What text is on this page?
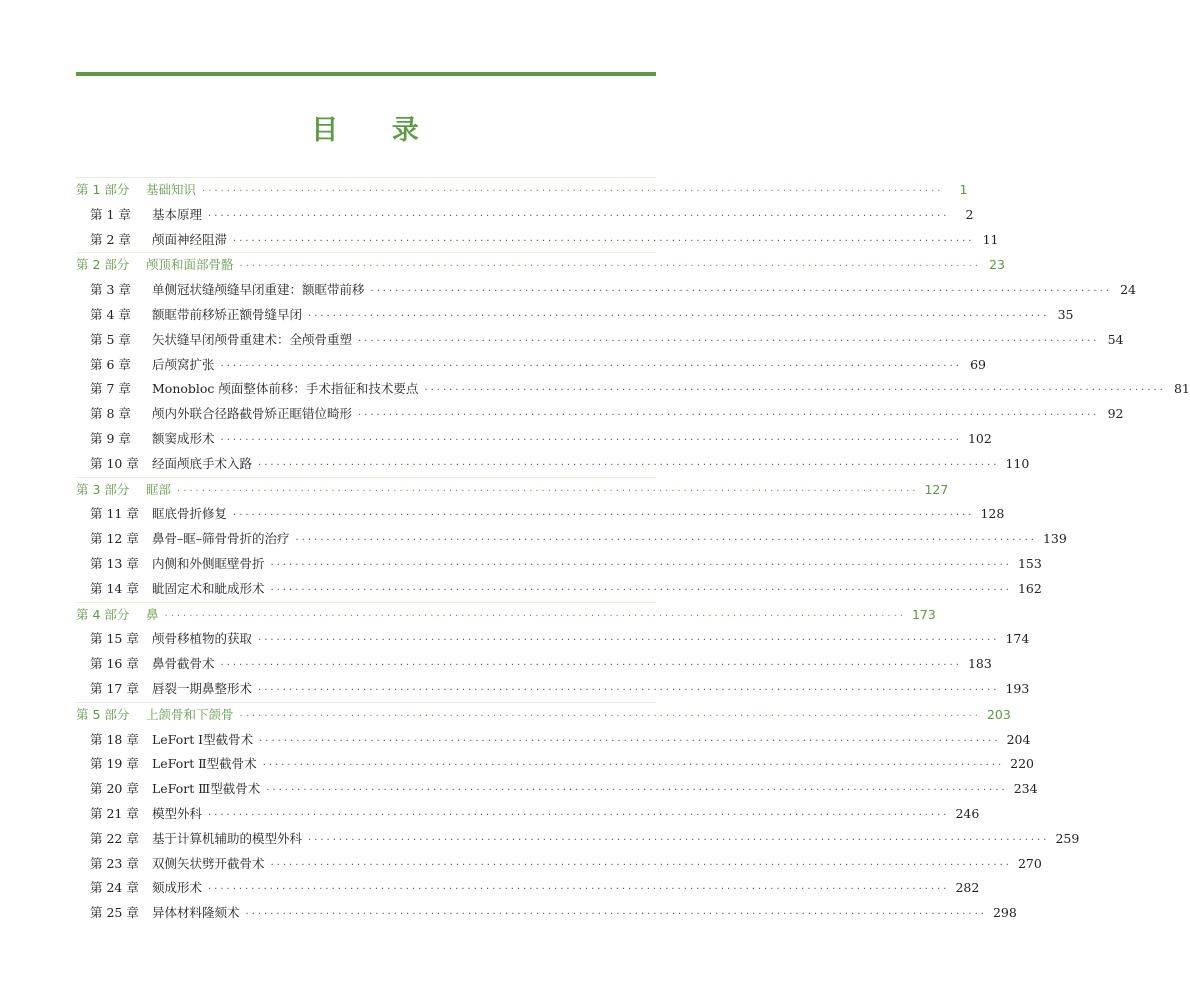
目 录
第 1 部分	基础知识 ························································································································	1
第 1 章	基本原理 ························································································································	2
第 2 章	颅面神经阻滞 ························································································································ 11
第 2 部分	颅顶和面部骨骼 ························································································································ 23
第 3 章	单侧冠状缝颅缝早闭重建：额眶带前移 ························································································································ 24
第 4 章	额眶带前移矫正额骨缝早闭 ························································································································ 35
第 5 章	矢状缝早闭颅骨重建术：全颅骨重塑 ························································································································ 54
第 6 章	后颅窝扩张 ························································································································ 69
第 7 章	Monobloc 颅面整体前移：手术指征和技术要点 ························································································································ 81
第 8 章	颅内外联合径路截骨矫正眶错位畸形 ························································································································ 92
第 9 章	额窦成形术 ························································································································ 102
第 10 章	经面颅底手术入路 ························································································································ 110
第 3 部分	眶部 ························································································································ 127
第 11 章	眶底骨折修复 ························································································································ 128
第 12 章	鼻骨–眶–筛骨骨折的治疗 ························································································································ 139
第 13 章	内侧和外侧眶壁骨折 ························································································································ 153
第 14 章	眦固定术和眦成形术 ························································································································ 162
第 4 部分	鼻 ························································································································ 173
第 15 章	颅骨移植物的获取 ························································································································ 174
第 16 章	鼻骨截骨术 ························································································································ 183
第 17 章	唇裂一期鼻整形术 ························································································································ 193
第 5 部分	上颌骨和下颌骨 ························································································································ 203
第 18 章	LeFort Ⅰ型截骨术 ························································································································ 204
第 19 章	LeFort Ⅱ型截骨术 ························································································································ 220
第 20 章	LeFort Ⅲ型截骨术 ························································································································ 234
第 21 章	模型外科 ························································································································ 246
第 22 章	基于计算机辅助的模型外科 ························································································································ 259
第 23 章	双侧矢状劈开截骨术 ························································································································ 270
第 24 章	颏成形术 ························································································································ 282
第 25 章	异体材料隆颏术 ························································································································ 298
